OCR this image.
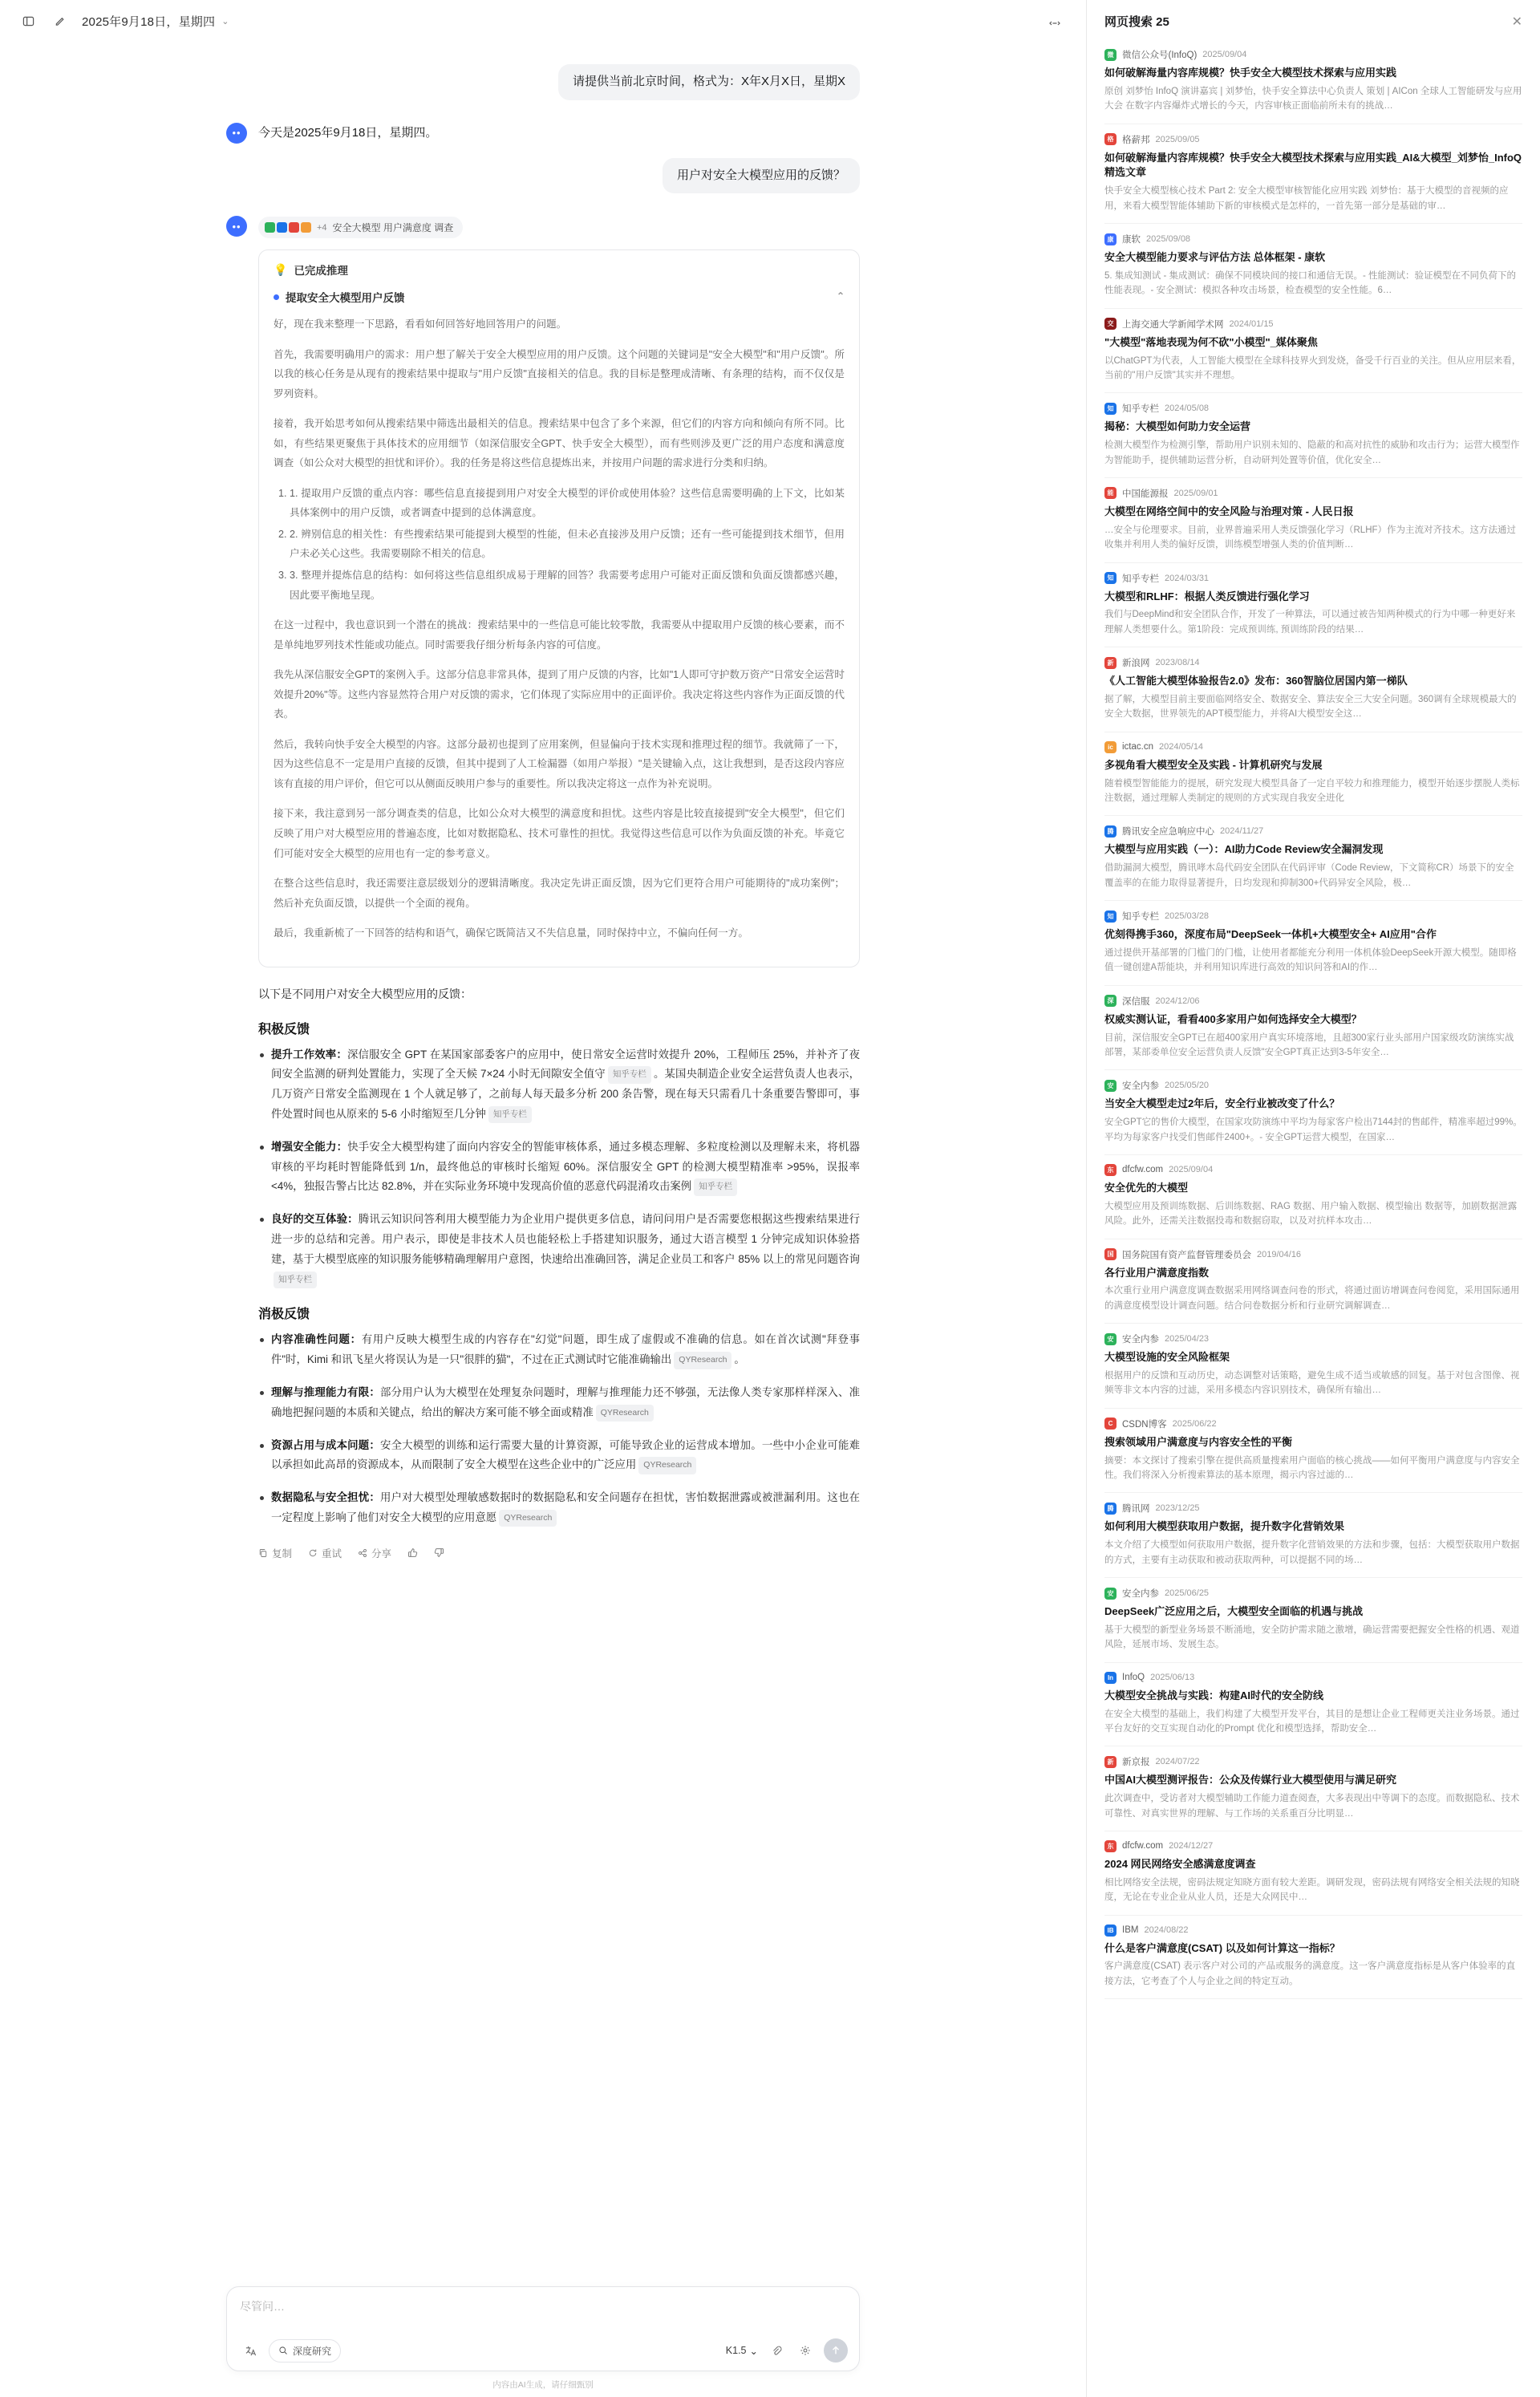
2025年9月18日，星期四 ⌄
请提供当前北京时间，格式为：X年X月X日，星期X
•• 今天是2025年9月18日，星期四。
用户对安全大模型应用的反馈？
••	+4 安全大模型 用户满意度 调查
💡 已完成推理
提取安全大模型用户反馈	⌃

好，现在我来整理一下思路，看看如何回答好地回答用户的问题。

首先，我需要明确用户的需求：用户想了解关于安全大模型应用的用户反馈。这个问题的关键词是"安全大模型"和"用户反馈"。所以我的核心任务是从现有的搜索结果中提取与"用户反馈"直接相关的信息。我的目标是整理成清晰、有条理的结构，而不仅仅是罗列资料。

接着，我开始思考如何从搜索结果中筛选出最相关的信息。搜索结果中包含了多个来源，但它们的内容方向和倾向有所不同。比如，有些结果更聚焦于具体技术的应用细节（如深信服安全GPT、快手安全大模型），而有些则涉及更广泛的用户态度和满意度调查（如公众对大模型的担忧和评价）。我的任务是将这些信息提炼出来，并按用户问题的需求进行分类和归纳。

1. 1. 提取用户反馈的重点内容：哪些信息直接提到用户对安全大模型的评价或使用体验？这些信息需要明确的上下文，比如某具体案例中的用户反馈，或者调查中提到的总体满意度。
2. 2. 辨别信息的相关性：有些搜索结果可能提到大模型的性能，但未必直接涉及用户反馈；还有一些可能提到技术细节，但用户未必关心这些。我需要剔除不相关的信息。
3. 3. 整理并提炼信息的结构：如何将这些信息组织成易于理解的回答？我需要考虑用户可能对正面反馈和负面反馈都感兴趣，因此要平衡地呈现。

在这一过程中，我也意识到一个潜在的挑战：搜索结果中的一些信息可能比较零散，我需要从中提取用户反馈的核心要素，而不是单纯地罗列技术性能或功能点。同时需要我仔细分析每条内容的可信度。

我先从深信服安全GPT的案例入手。这部分信息非常具体，提到了用户反馈的内容，比如"1人即可守护数万资产"日常安全运营时效提升20%"等。这些内容显然符合用户对反馈的需求，它们体现了实际应用中的正面评价。我决定将这些内容作为正面反馈的代表。

然后，我转向快手安全大模型的内容。这部分最初也提到了应用案例，但显偏向于技术实现和推理过程的细节。我就筛了一下，因为这些信息不一定是用户直接的反馈，但其中提到了人工检漏器（如用户举报）"是关键输入点，这让我想到，是否这段内容应该有直接的用户评价，但它可以从侧面反映用户参与的重要性。所以我决定将这一点作为补充说明。

接下来，我注意到另一部分调查类的信息，比如公众对大模型的满意度和担忧。这些内容是比较直接提到"安全大模型"，但它们反映了用户对大模型应用的普遍态度，比如对数据隐私、技术可靠性的担忧。我觉得这些信息可以作为负面反馈的补充。毕竟它们可能对安全大模型的应用也有一定的参考意义。

在整合这些信息时，我还需要注意层级划分的逻辑清晰度。我决定先讲正面反馈，因为它们更符合用户可能期待的"成功案例"；然后补充负面反馈，以提供一个全面的视角。

最后，我重新梳了一下回答的结构和语气，确保它既简洁又不失信息量，同时保持中立，不偏向任何一方。

以下是不同用户对安全大模型应用的反馈：

积极反馈
提升工作效率：深信服安全 GPT 在某国家部委客户的应用中，使日常安全运营时效提升 20%，工程师压 25%，并补齐了夜间安全监测的研判处置能力，实现了全天候 7×24 小时无间隙安全值守 知乎专栏 。某国央制造企业安全运营负责人也表示，几万资产日常安全监测现在 1 个人就足够了，之前每人每天最多分析 200 条告警，现在每天只需看几十条重要告警即可，事件处置时间也从原来的 5-6 小时缩短至几分钟 知乎专栏
增强安全能力：快手安全大模型构建了面向内容安全的智能审核体系，通过多模态理解、多粒度检测以及理解未来，将机器审核的平均耗时智能降低到 1/n，最终他总的审核时长缩短 60%。深信服安全 GPT 的检测大模型精准率 >95%，误报率 <4%，独报告警占比达 82.8%，并在实际业务环境中发现高价值的恶意代码混淆攻击案例 知乎专栏
良好的交互体验：腾讯云知识问答利用大模型能力为企业用户提供更多信息，请问问用户是否需要您根据这些搜索结果进行进一步的总结和完善。用户表示，即使是非技术人员也能轻松上手搭建知识服务，通过大语言模型 1 分钟完成知识体验搭建，基于大模型底座的知识服务能够精确理解用户意图，快速给出准确回答，满足企业员工和客户 85% 以上的常见问题咨询知乎专栏
消极反馈
内容准确性问题：有用户反映大模型生成的内容存在"幻觉"问题，即生成了虚假或不准确的信息。如在首次试测"拜登事件"时，Kimi 和讯飞星火将误认为是一只"很胖的猫"，不过在正式测试时它能准确输出 QYResearch 。
理解与推理能力有限：部分用户认为大模型在处理复杂问题时，理解与推理能力还不够强，无法像人类专家那样样深入、准确地把握问题的本质和关键点，给出的解决方案可能不够全面或精准 QYResearch
资源占用与成本问题：安全大模型的训练和运行需要大量的计算资源，可能导致企业的运营成本增加。一些中小企业可能难以承担如此高昂的资源成本，从而限制了安全大模型在这些企业中的广泛应用 QYResearch
数据隐私与安全担忧：用户对大模型处理敏感数据时的数据隐私和安全问题存在担忧，害怕数据泄露或被泄漏利用。这也在一定程度上影响了他们对安全大模型的应用意愿 QYResearch
复制	重试	分享
尽管问…
深度研究	K1.5 ⌄
内容由AI生成，请仔细甄别
网页搜索 25	✕
微 微信公众号(InfoQ) 2025/09/04
如何破解海量内容库规模？快手安全大模型技术探索与应用实践
原创 刘梦怡 InfoQ 演讲嘉宾 | 刘梦怡，快手安全算法中心负责人 策划 | AICon 全球人工智能研发与应用大会 在数字内容爆炸式增长的今天，内容审核正面临前所未有的挑战…
格 格薪邦 2025/09/05
如何破解海量内容库规模？快手安全大模型技术探索与应用实践_AI&大模型_刘梦怡_InfoQ精选文章
快手安全大模型核心技术 Part 2: 安全大模型审核智能化应用实践 刘梦怡：基于大模型的音视频的应用，来看大模型智能体辅助下新的审核模式是怎样的，一首先第一部分是基础的审…
康 康软 2025/09/08
安全大模型能力要求与评估方法 总体框架 - 康软
5. 集成知测试 - 集成测试：确保不同模块间的接口和通信无误。- 性能测试：验证模型在不同负荷下的性能表现。- 安全测试：模拟各种攻击场景，检查模型的安全性能。6…
交 上海交通大学新闻学术网 2024/01/15
"大模型"落地表现为何不砍"小模型"_媒体聚焦
以ChatGPT为代表，人工智能大模型在全球科技界火到发烧，备受千行百业的关注。但从应用层来看，当前的"用户反馈"其实并不理想。
知 知乎专栏 2024/05/08
揭秘：大模型如何助力安全运营
检测大模型作为检测引擎，帮助用户识别未知的、隐蔽的和高对抗性的威胁和攻击行为；运营大模型作为智能助手，提供辅助运营分析，自动研判处置等价值，优化安全…
能 中国能源报 2025/09/01
大模型在网络空间中的安全风险与治理对策 - 人民日报
…安全与伦理要求。目前，业界普遍采用人类反馈强化学习（RLHF）作为主流对齐技术。这方法通过收集并利用人类的偏好反馈，训练模型增强人类的价值判断…
知 知乎专栏 2024/03/31
大模型和RLHF：根据人类反馈进行强化学习
我们与DeepMind和安全团队合作，开发了一种算法，可以通过被告知两种模式的行为中哪一种更好来理解人类想要什么。第1阶段：完成预训练, 预训练阶段的结果…
新 新浪网 2023/08/14
《人工智能大模型体验报告2.0》发布：360智脑位居国内第一梯队
据了解，大模型目前主要面临网络安全、数据安全、算法安全三大安全问题。360调有全球规模最大的安全大数据，世界领先的APT模型能力，并将AI大模型安全这…
ic ictac.cn 2024/05/14
多视角看大模型安全及实践 - 计算机研究与发展
随着模型智能能力的提展，研究发现大模型具备了一定自平较力和推理能力，模型开始逐步摆脱人类标注数据，通过理解人类制定的规则的方式实现自我安全进化
腾 腾讯安全应急响应中心 2024/11/27
大模型与应用实践（一）：AI助力Code Review安全漏洞发现
借助漏洞大模型，腾讯哮木岛代码安全团队在代码评审（Code Review，下文简称CR）场景下的安全覆盖率的在能力取得显著提升，日均发现和抑制300+代码异安全风险，极…
知 知乎专栏 2025/03/28
优刻得携手360，深度布局"DeepSeek一体机+大模型安全+ AI应用"合作
通过提供开基部署的门槛门的门槛，让使用者都能充分利用一体机体验DeepSeek开源大模型。随即格值一键创建A帮能块，并利用知识库进行高效的知识问答和AI的作…
深 深信服 2024/12/06
权威实测认证，看看400多家用户如何选择安全大模型？
目前，深信服安全GPT已在超400家用户真实环境落地，且超300家行业头部用户国家级攻防演练实战部署，某部委单位安全运营负责人反馈"安全GPT真正达到3-5年安全…
安 安全内参 2025/05/20
当安全大模型走过2年后，安全行业被改变了什么？
安全GPT它的售价大模型，在国家攻防演练中平均为每家客户检出7144封的售邮件，精准率超过99%。平均为每家客户找受们售邮件2400+。- 安全GPT运营大模型，在国家…
东 dfcfw.com 2025/09/04
安全优先的大模型
大模型应用及预训练数据、后训练数据、RAG 数据、用户输入数据、模型输出 数据等，加剧数据泄露风险。此外，还需关注数据投毒和数据窃取，以及对抗样本攻击…
国 国务院国有资产监督管理委员会 2019/04/16
各行业用户满意度指数
本次重行业用户满意度调查数据采用网络调查问卷的形式，将通过面访增调查问卷阅览，采用国际通用的满意度模型设计调查问题。结合问卷数据分析和行业研究调解调查…
安 安全内参 2025/04/23
大模型设施的安全风险框架
根据用户的反馈和互动历史，动态调整对话策略，避免生成不适当或敏感的回复。基于对包含图像、视频等非文本内容的过滤，采用多模态内容识别技术，确保所有输出…
C	CSDN博客 2025/06/22
搜索领域用户满意度与内容安全性的平衡
摘要：本文探讨了搜索引擎在提供高质量搜索用户面临的核心挑战——如何平衡用户满意度与内容安全性。我们将深入分析搜索算法的基本原理，揭示内容过滤的…
腾 腾讯网 2023/12/25
如何利用大模型获取用户数据，提升数字化营销效果
本文介绍了大模型如何获取用户数据，提升数字化营销效果的方法和步骤，包括：大模型获取用户数据的方式，主要有主动获取和被动获取两种，可以提据不同的场…
安 安全内参 2025/06/25
DeepSeek广泛应用之后，大模型安全面临的机遇与挑战
基于大模型的新型业务场景不断涌地，安全防护需求随之激增，确运营需要把握安全性格的机遇、观道风险，延展市场、发展生态。
In InfoQ 2025/06/13
大模型安全挑战与实践：构建AI时代的安全防线
在安全大模型的基础上，我们构建了大模型开发平台，其目的是想让企业工程师更关注业务场景。通过平台友好的交互实现自动化的Prompt 优化和模型选择，帮助安全…
新 新京报 2024/07/22
中国AI大模型测评报告：公众及传媒行业大模型使用与满足研究
此次调查中，受访者对大模型辅助工作能力道查阅查，大多表现出中等调下的态度。而数据隐私、技术可靠性、对真实世界的理解、与工作场的关系重百分比明显…
东 dfcfw.com 2024/12/27
2024 网民网络安全感满意度调查
相比网络安全法规，密码法规定知晓方面有较大差距。调研发现，密码法规有网络安全相关法规的知晓度，无论在专业企业从业人员，还是大众网民中…
IB IBM 2024/08/22
什么是客户满意度(CSAT) 以及如何计算这一指标？
客户满意度(CSAT) 表示客户对公司的产品或服务的满意度。这一客户满意度指标是从客户体验率的直接方法，它考查了个人与企业之间的特定互动。
